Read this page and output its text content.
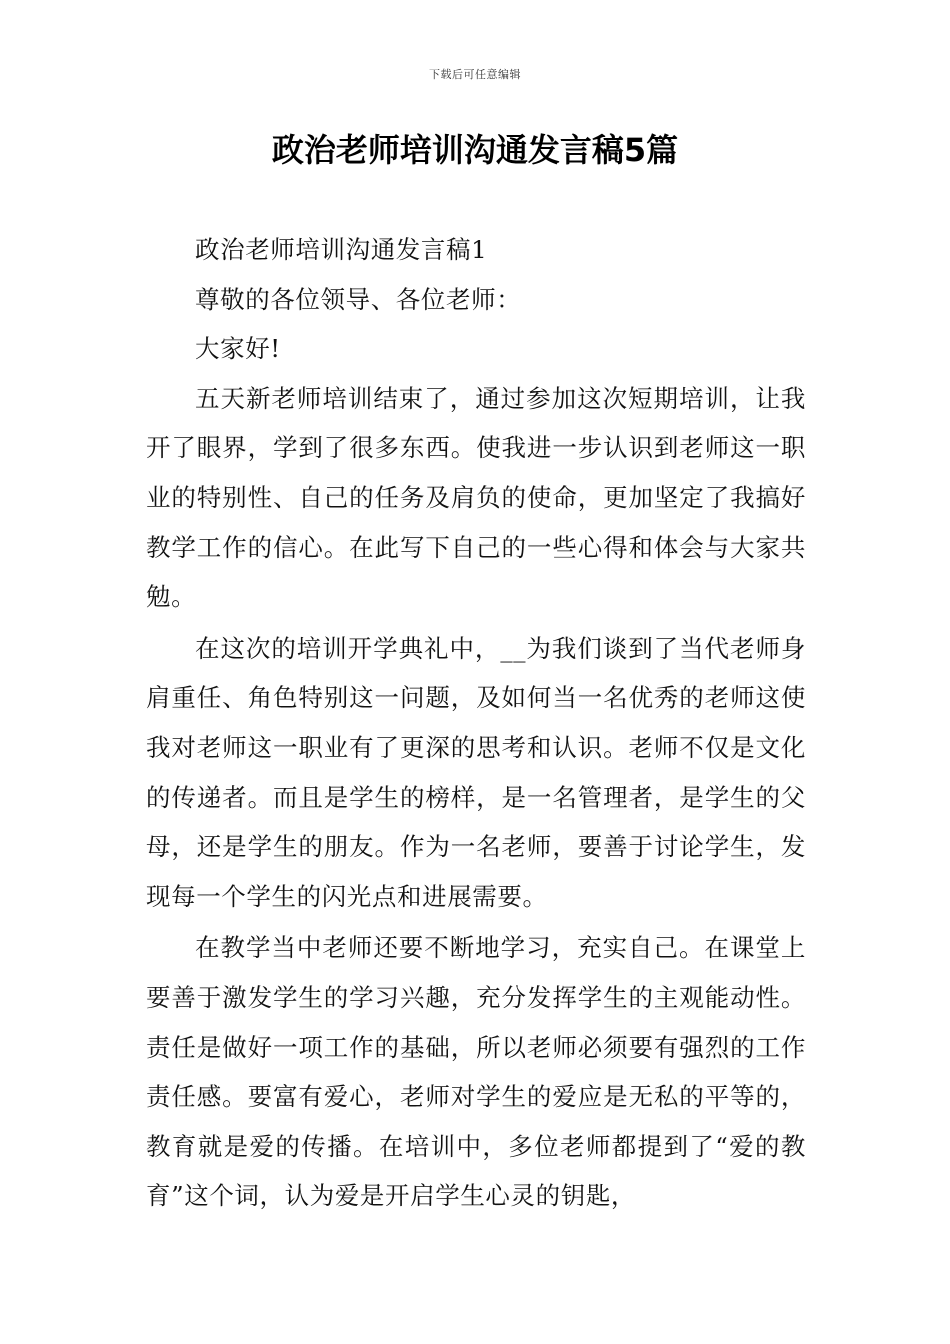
下载后可任意编辑
政治老师培训沟通发言稿5篇

政治老师培训沟通发言稿1

尊敬的各位领导、各位老师：

大家好!

五天新老师培训结束了，通过参加这次短期培训，让我开了眼界，学到了很多东西。使我进一步认识到老师这一职业的特别性、自己的任务及肩负的使命，更加坚定了我搞好教学工作的信心。在此写下自己的一些心得和体会与大家共勉。

在这次的培训开学典礼中，__为我们谈到了当代老师身肩重任、角色特别这一问题，及如何当一名优秀的老师这使我对老师这一职业有了更深的思考和认识。老师不仅是文化的传递者。而且是学生的榜样，是一名管理者，是学生的父母，还是学生的朋友。作为一名老师，要善于讨论学生，发现每一个学生的闪光点和进展需要。

在教学当中老师还要不断地学习，充实自己。在课堂上要善于激发学生的学习兴趣，充分发挥学生的主观能动性。责任是做好一项工作的基础，所以老师必须要有强烈的工作责任感。要富有爱心，老师对学生的爱应是无私的平等的，教育就是爱的传播。在培训中，多位老师都提到了“爱的教育”这个词，认为爱是开启学生心灵的钥匙，
